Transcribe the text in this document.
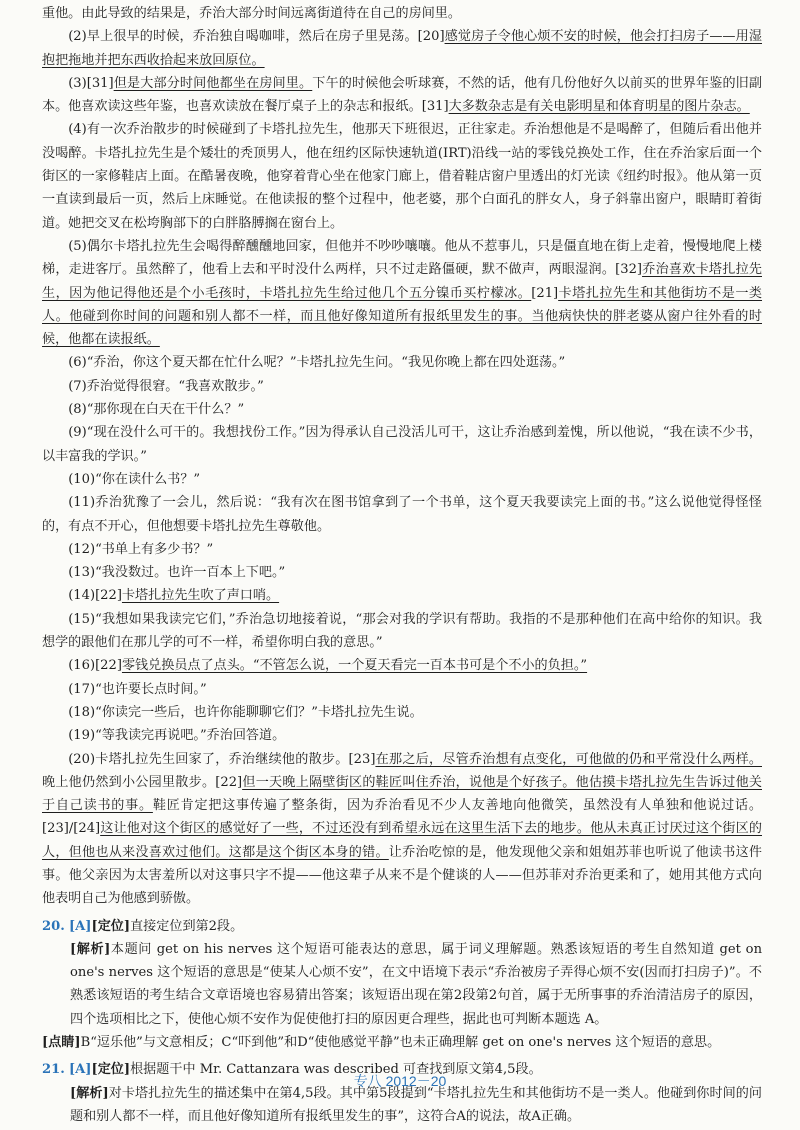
重他。由此导致的结果是，乔治大部分时间远离街道待在自己的房间里。

(2)早上很早的时候，乔治独自喝咖啡，然后在房子里晃荡。[20]感觉房子令他心烦不安的时候，他会打扫房子——用湿抱把拖地并把东西收拾起来放回原位。

(3)[31]但是大部分时间他都坐在房间里。下午的时候他会听球赛，不然的话，他有几份他好久以前买的世界年鉴的旧副本。他喜欢读这些年鉴，也喜欢读放在餐厅桌子上的杂志和报纸。[31]大多数杂志是有关电影明星和体育明星的图片杂志。

(4)有一次乔治散步的时候碰到了卡塔扎拉先生，他那天下班很迟，正往家走。乔治想他是不是喝醉了，但随后看出他并没喝醉。卡塔扎拉先生是个矮壮的秃顶男人，他在纽约区际快速轨道(IRT)沿线一站的零钱兑换处工作，住在乔治家后面一个街区的一家修鞋店上面。在酷暑夜晚，他穿着背心坐在他家门廊上，借着鞋店窗户里透出的灯光读《纽约时报》。他从第一页一直读到最后一页，然后上床睡觉。在他读报的整个过程中，他老婆，那个白面孔的胖女人，身子斜靠出窗户，眼睛盯着街道。她把交叉在松垮胸部下的白胖胳膊搁在窗台上。

(5)偶尔卡塔扎拉先生会喝得醉醺醺地回家，但他并不吵吵嚷嚷。他从不惹事儿，只是僵直地在街上走着，慢慢地爬上楼梯，走进客厅。虽然醉了，他看上去和平时没什么两样，只不过走路僵硬，默不做声，两眼湿润。[32]乔治喜欢卡塔扎拉先生，因为他记得他还是个小毛孩时，卡塔扎拉先生给过他几个五分镍币买柠檬冰。[21]卡塔扎拉先生和其他街坊不是一类人。他碰到你时间的问题和别人都不一样，而且他好像知道所有报纸里发生的事。当他病快快的胖老婆从窗户往外看的时候，他都在读报纸。

(6)“乔治，你这个夏天都在忙什么呢？”卡塔扎拉先生问。“我见你晚上都在四处逛荡。”

(7)乔治觉得很窘。“我喜欢散步。”

(8)“那你现在白天在干什么？”

(9)“现在没什么可干的。我想找份工作。”因为得承认自己没活儿可干，这让乔治感到羞愧，所以他说，“我在读不少书，以丰富我的学识。”

(10)“你在读什么书？”

(11)乔治犹豫了一会儿，然后说：“我有次在图书馆拿到了一个书单，这个夏天我要读完上面的书。”这么说他觉得怪怪的，有点不开心，但他想要卡塔扎拉先生尊敬他。

(12)“书单上有多少书？”

(13)“我没数过。也许一百本上下吧。”

(14)[22]卡塔扎拉先生吹了声口哨。

(15)“我想如果我读完它们，”乔治急切地接着说，“那会对我的学识有帮助。我指的不是那种他们在高中给你的知识。我想学的跟他们在那儿学的可不一样，希望你明白我的意思。”

(16)[22]零钱兑换员点了点头。“不管怎么说，一个夏天看完一百本书可是个不小的负担。”

(17)“也许要长点时间。”

(18)“你读完一些后，也许你能聊聊它们？”卡塔扎拉先生说。

(19)“等我读完再说吧。”乔治回答道。

(20)卡塔扎拉先生回家了，乔治继续他的散步。[23]在那之后，尽管乔治想有点变化，可他做的仍和平常没什么两样。晚上他仍然到小公园里散步。[22]但一天晚上隔壁街区的鞋匠叫住乔治，说他是个好孩子。他估摸卡塔扎拉先生告诉过他关于自己读书的事。鞋匠肯定把这事传遍了整条街，因为乔治看见不少人友善地向他微笑，虽然没有人单独和他说过话。[23]/[24]这让他对这个街区的感觉好了一些，不过还没有到希望永远在这里生活下去的地步。他从未真正讨厌过这个街区的人，但他也从来没喜欢过他们。这都是这个街区本身的错。让乔治吃惊的是，他发现他父亲和姐姐苏菲也听说了他读书这件事。他父亲因为太害羞所以对这事只字不提——他这辈子从来不是个健谈的人——但苏菲对乔治更柔和了，她用其他方式向他表明自己为他感到骄傲。

20. [A][定位]直接定位到第2段。

[解析]本题问 get on his nerves 这个短语可能表达的意思，属于词义理解题。熟悉该短语的考生自然知道 get on one's nerves 这个短语的意思是“使某人心烦不安”，在文中语境下表示“乔治被房子弄得心烦不安(因而打扫房子)”。不熟悉该短语的考生结合文章语境也容易猜出答案；该短语出现在第2段第2句首，属于无所事事的乔治清洁房子的原因，四个选项相比之下，使他心烦不安作为促使他打扫的原因更合理些，据此也可判断本题选 A。

[点睛]B“逗乐他”与文意相反；C“吓到他”和D“使他感觉平静”也未正确理解 get on one's nerves 这个短语的意思。

21. [A][定位]根据题干中 Mr. Cattanzara was described 可查找到原文第4,5段。

[解析]对卡塔扎拉先生的描述集中在第4,5段。其中第5段提到“卡塔扎拉先生和其他街坊不是一类人。他碰到你时间的问题和别人都不一样，而且他好像知道所有报纸里发生的事”，这符合A的说法，故A正确。

专八 2012－20
